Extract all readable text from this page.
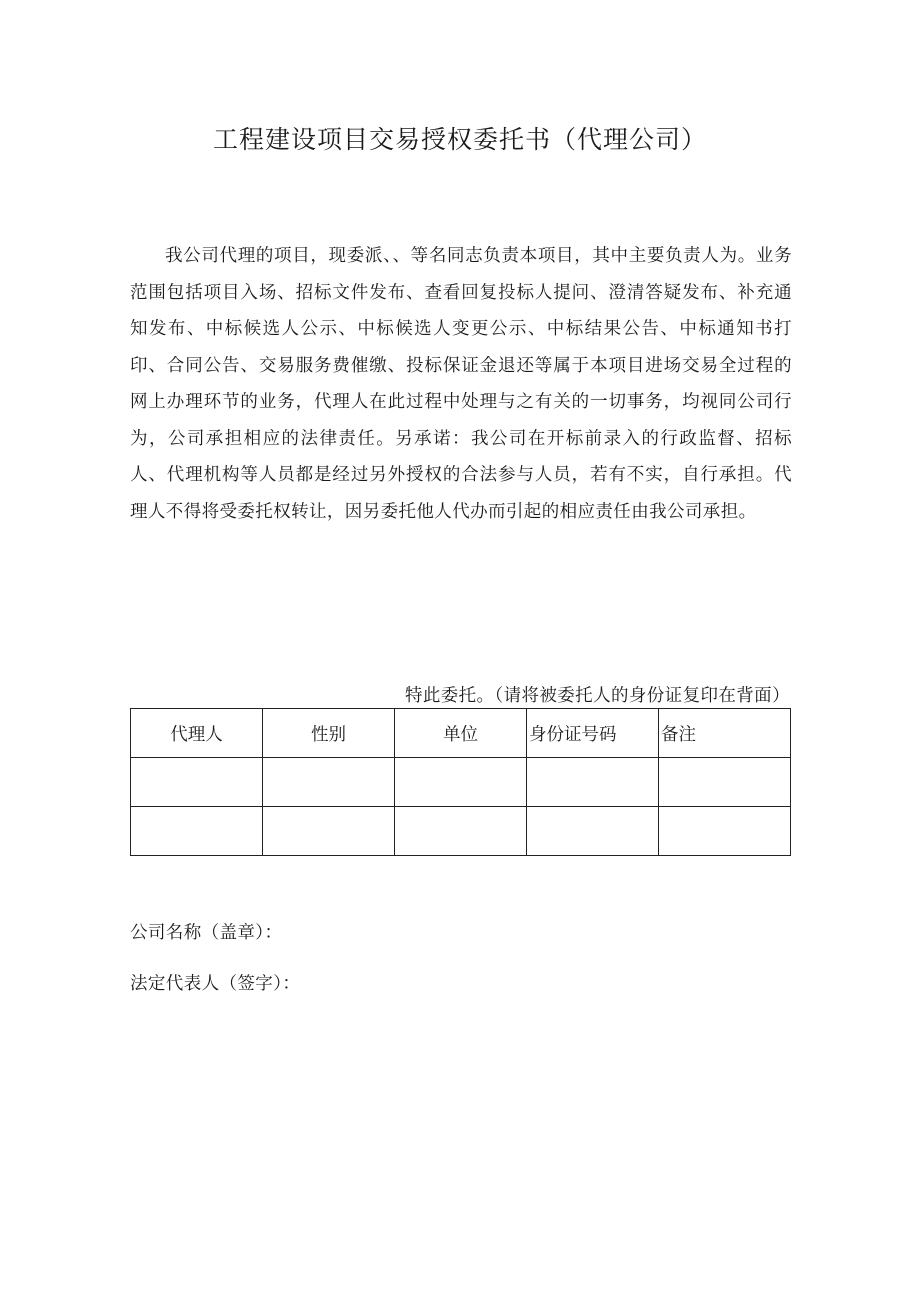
工程建设项目交易授权委托书（代理公司）

我公司代理的项目，现委派、、等名同志负责本项目，其中主要负责人为。业务范围包括项目入场、招标文件发布、查看回复投标人提问、澄清答疑发布、补充通知发布、中标候选人公示、中标候选人变更公示、中标结果公告、中标通知书打印、合同公告、交易服务费催缴、投标保证金退还等属于本项目进场交易全过程的网上办理环节的业务，代理人在此过程中处理与之有关的一切事务，均视同公司行为，公司承担相应的法律责任。另承诺：我公司在开标前录入的行政监督、招标人、代理机构等人员都是经过另外授权的合法参与人员，若有不实，自行承担。代理人不得将受委托权转让，因另委托他人代办而引起的相应责任由我公司承担。

特此委托。（请将被委托人的身份证复印在背面）

代理人	性别	单位	身份证号码	备注

公司名称（盖章）：

法定代表人（签字）：
